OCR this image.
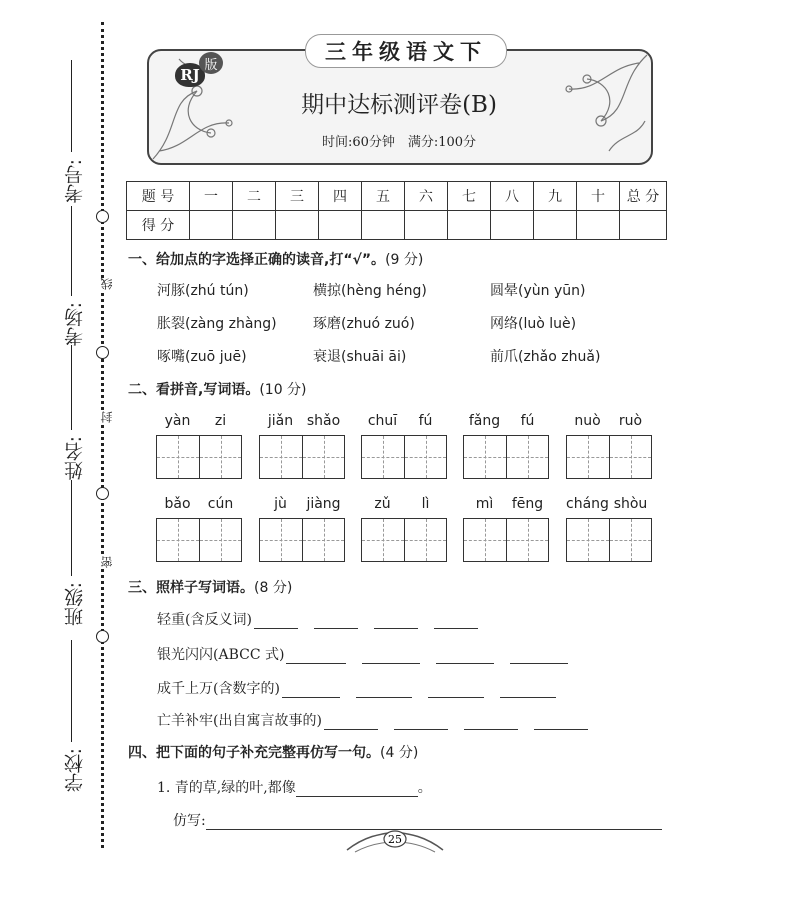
线
封
密
考号:
考场:
姓名:
班级:
学校:
三年级语文下
RJ
版
期中达标测评卷(B)
时间:60分钟　满分:100分
题 号	一	二	三	四	五	六	七	八	九	十	总 分
得 分											
一、给加点的字选择正确的读音,打“√”。(9 分)
河豚(zhú tún)	横掠(hèng héng)	圆晕(yùn yūn)
胀裂(zàng zhàng)	琢磨(zhuó zuó)	网络(luò luè)
啄嘴(zuō juē)	衰退(shuāi āi)	前爪(zhǎo zhuǎ)
二、看拼音,写词语。(10 分)
yàn	zi	jiǎn shǎo	chuī	fú	fǎng	fú	nuò	ruò
bǎo	cún	jù	jiàng	zǔ	lì	mì	fēng	cháng shòu
三、照样子写词语。(8 分)
轻重(含反义词)
银光闪闪(ABCC 式)
成千上万(含数字的)
亡羊补牢(出自寓言故事的)
四、把下面的句子补充完整再仿写一句。(4 分)
1. 青的草,绿的叶,都像	。
仿写:
25
